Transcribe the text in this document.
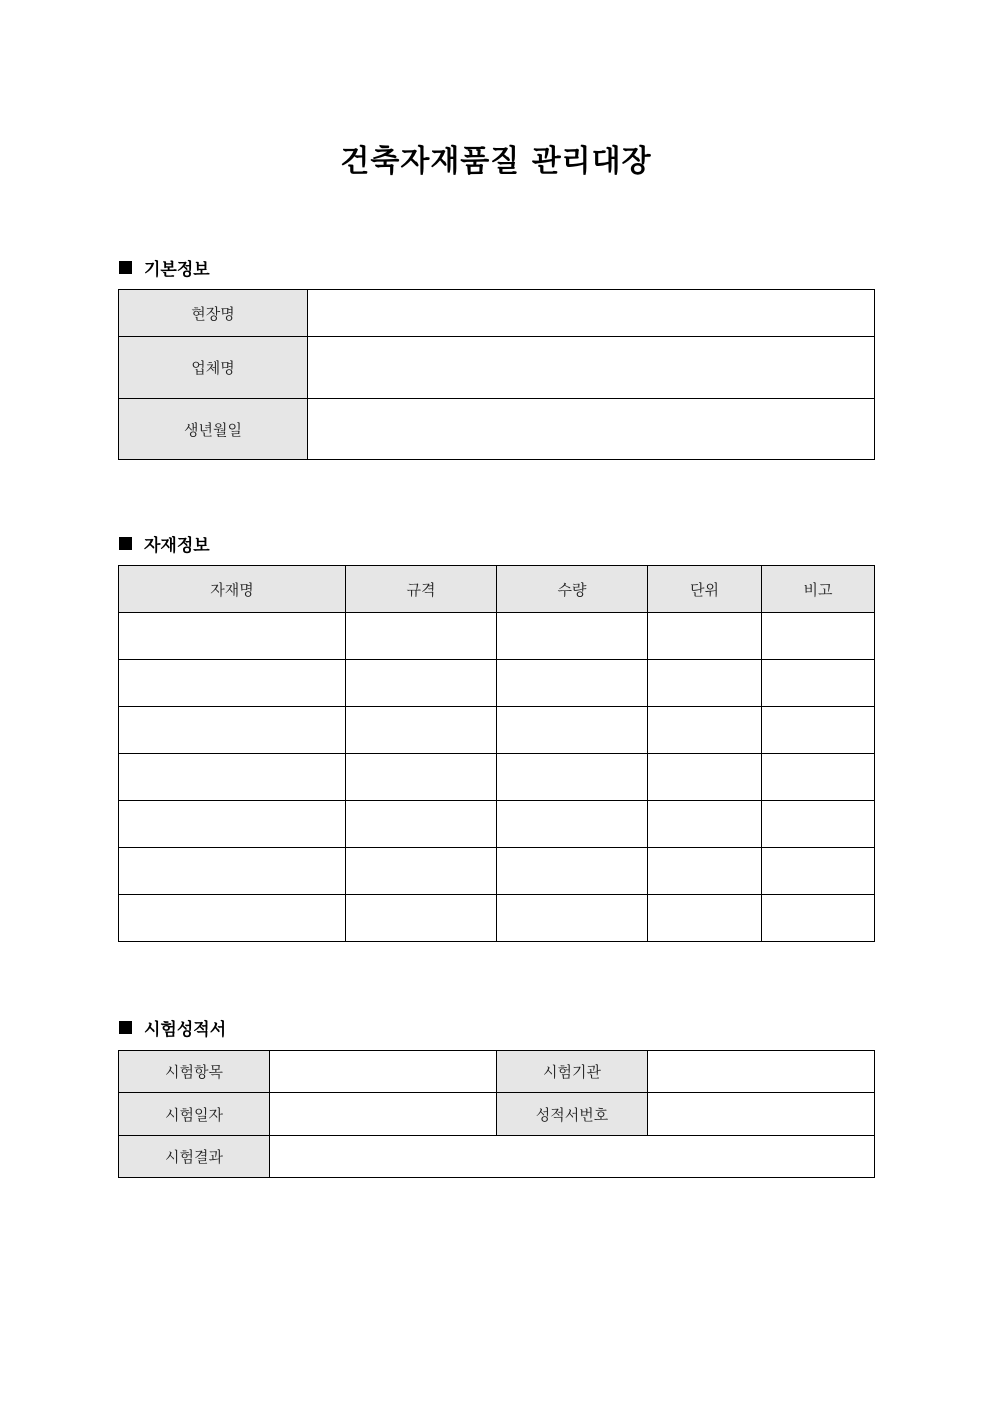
건축자재품질 관리대장
기본정보
현장명	
업체명	
생년월일	
자재정보
자재명	규격	수량	단위	비고

시험성적서
시험항목		시험기관	
시험일자		성적서번호	
시험결과			
